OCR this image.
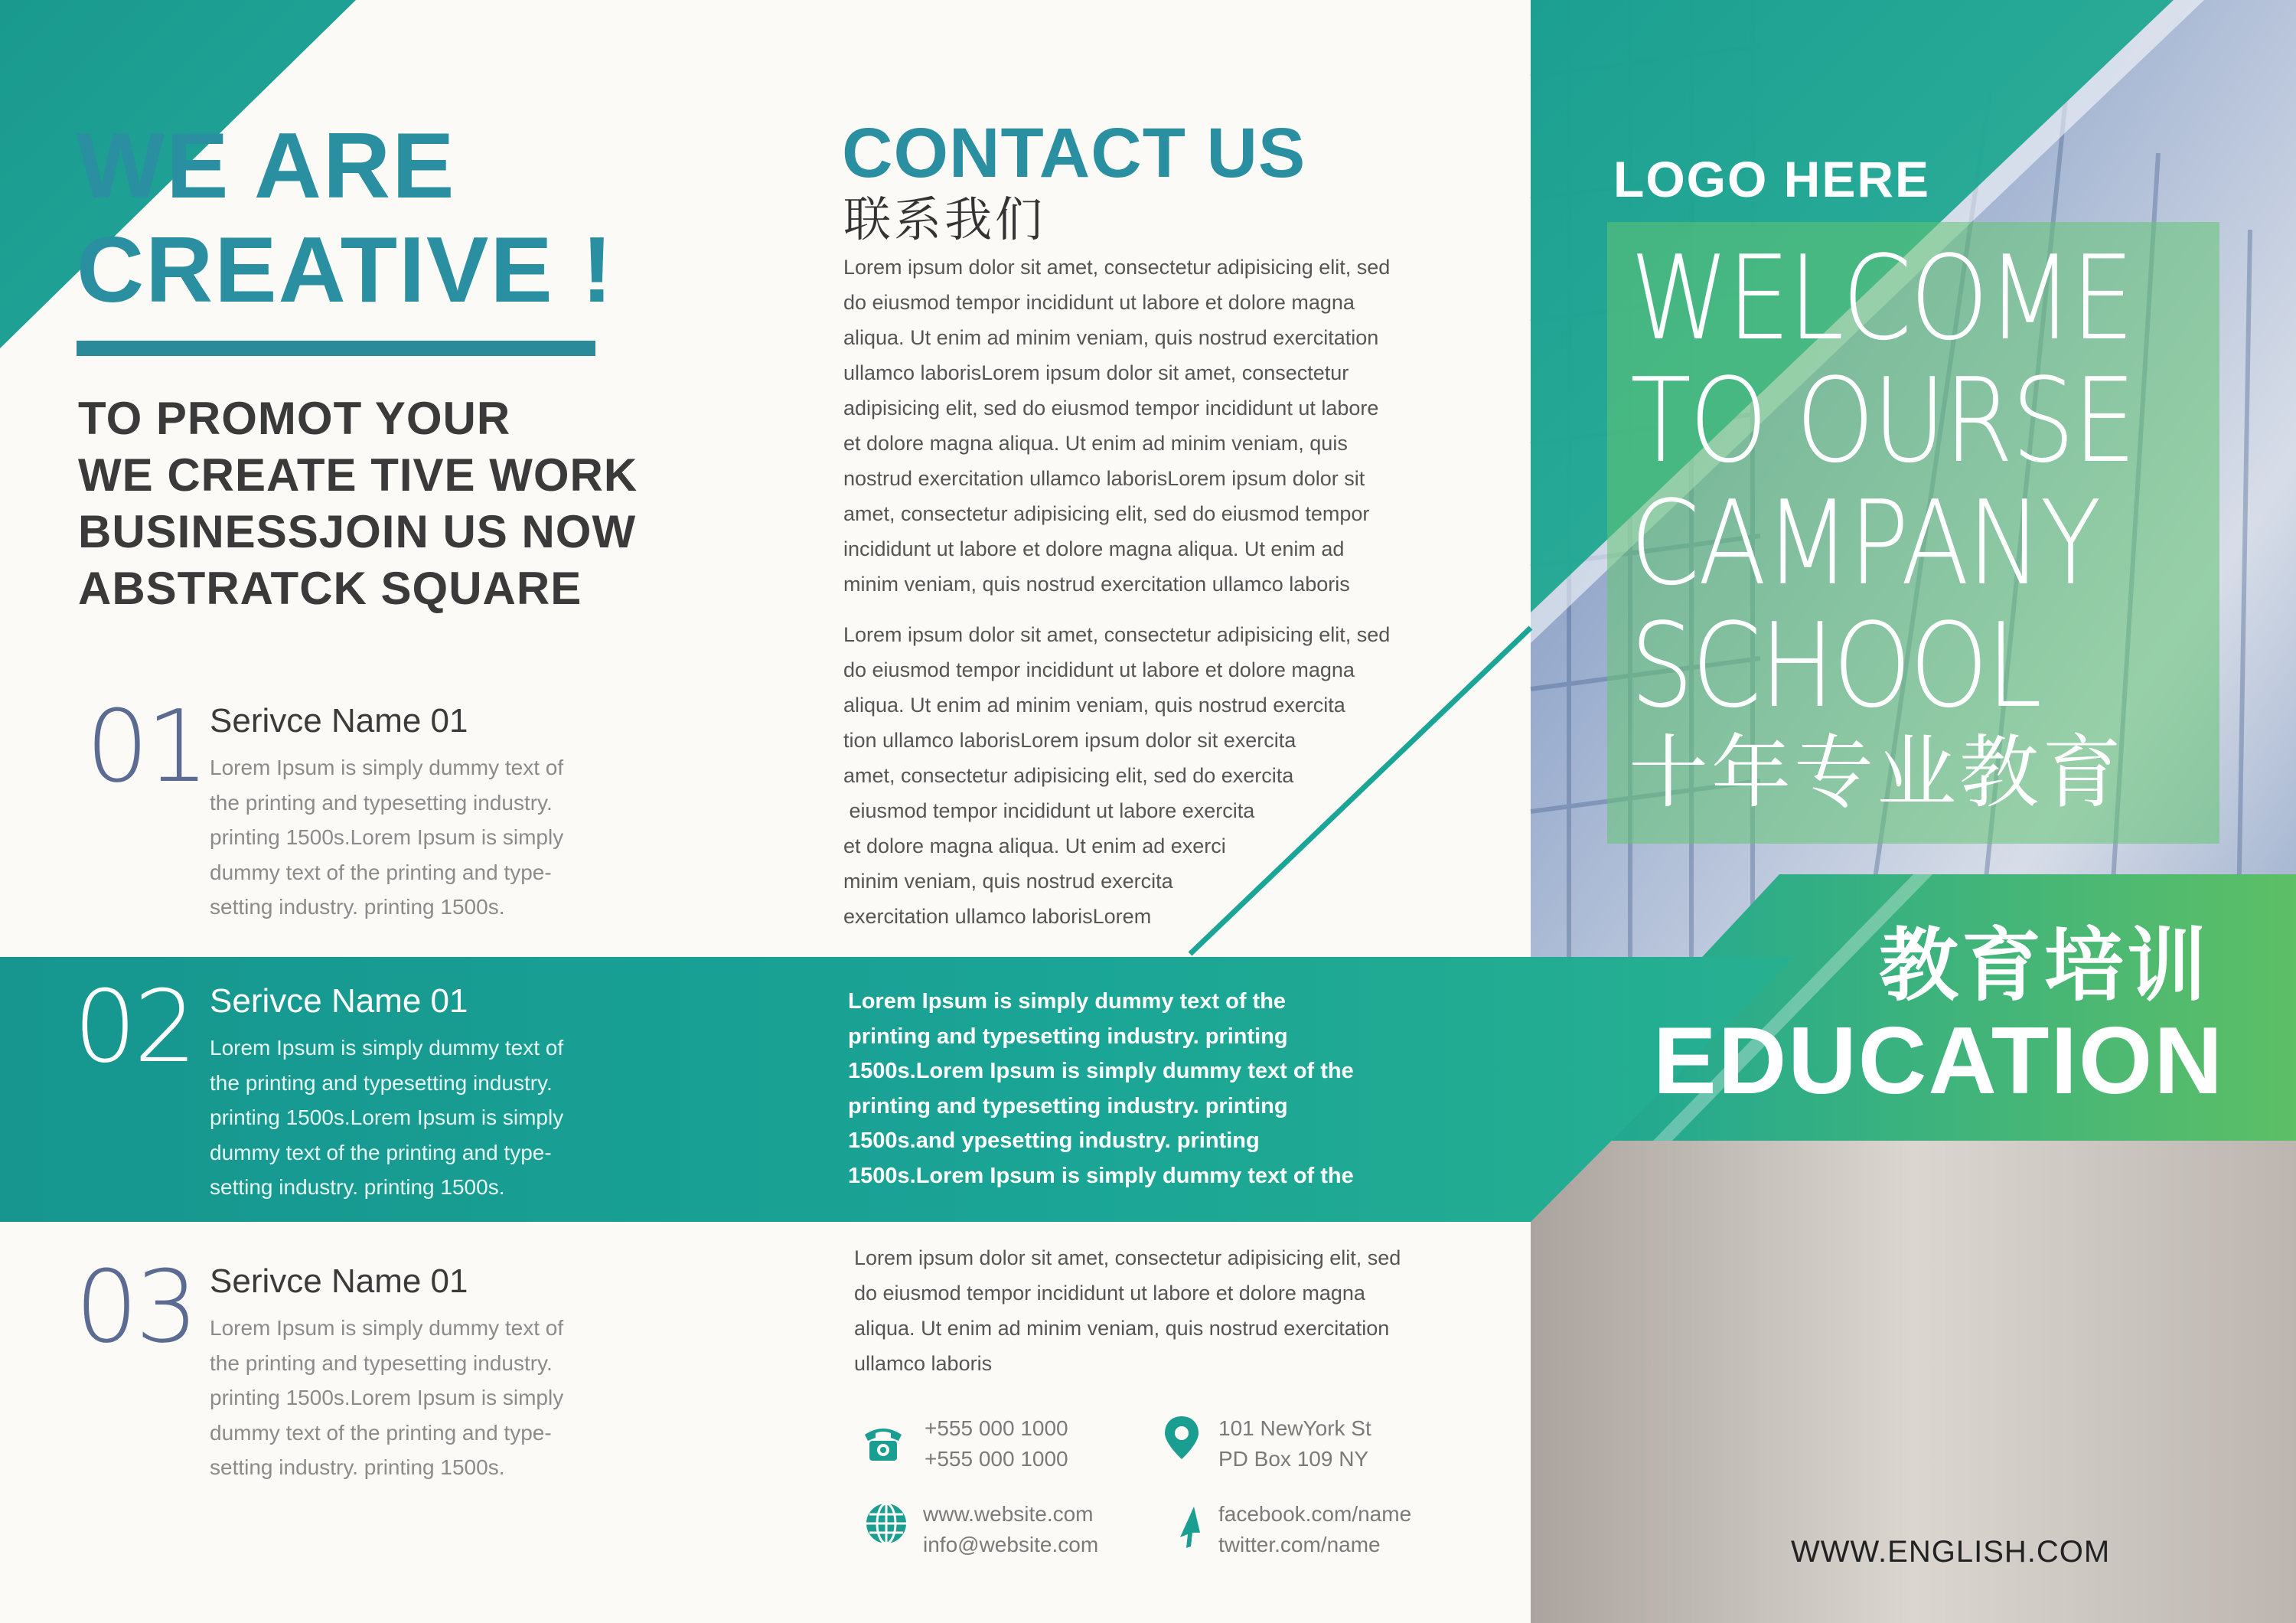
WE ARE
CREATIVE !
TO PROMOT YOUR
WE CREATE TIVE WORK
BUSINESSJOIN US NOW
ABSTRATCK SQUARE
01 Serivce Name 01
Lorem Ipsum is simply dummy text of
the printing and typesetting industry.
printing 1500s.Lorem Ipsum is simply
dummy text of the printing and type-
setting industry. printing 1500s.
02 Serivce Name 01
Lorem Ipsum is simply dummy text of
the printing and typesetting industry.
printing 1500s.Lorem Ipsum is simply
dummy text of the printing and type-
setting industry. printing 1500s.
03 Serivce Name 01
Lorem Ipsum is simply dummy text of
the printing and typesetting industry.
printing 1500s.Lorem Ipsum is simply
dummy text of the printing and type-
setting industry. printing 1500s.
CONTACT US
联系我们
Lorem ipsum dolor sit amet, consectetur adipisicing elit, sed
do eiusmod tempor incididunt ut labore et dolore magna
aliqua. Ut enim ad minim veniam, quis nostrud exercitation
ullamco laborisLorem ipsum dolor sit amet, consectetur
adipisicing elit, sed do eiusmod tempor incididunt ut labore
et dolore magna aliqua. Ut enim ad minim veniam, quis
nostrud exercitation ullamco laborisLorem ipsum dolor sit
amet, consectetur adipisicing elit, sed do eiusmod tempor
incididunt ut labore et dolore magna aliqua. Ut enim ad
minim veniam, quis nostrud exercitation ullamco laboris
Lorem ipsum dolor sit amet, consectetur adipisicing elit, sed
do eiusmod tempor incididunt ut labore et dolore magna
aliqua. Ut enim ad minim veniam, quis nostrud exercita
tion ullamco laborisLorem ipsum dolor sit exercita
amet, consectetur adipisicing elit, sed do exercita
eiusmod tempor incididunt ut labore exercita
et dolore magna aliqua. Ut enim ad exerci
minim veniam, quis nostrud exercita
exercitation ullamco laborisLorem
Lorem Ipsum is simply dummy text of the
printing and typesetting industry. printing
1500s.Lorem Ipsum is simply dummy text of the
printing and typesetting industry. printing
1500s.and ypesetting industry. printing
1500s.Lorem Ipsum is simply dummy text of the
Lorem ipsum dolor sit amet, consectetur adipisicing elit, sed
do eiusmod tempor incididunt ut labore et dolore magna
aliqua. Ut enim ad minim veniam, quis nostrud exercitation
ullamco laboris
+555 000 1000
+555 000 1000
101 NewYork St
PD Box 109 NY
www.website.com
info@website.com
facebook.com/name
twitter.com/name
LOGO HERE
WELCOME
TO OURSE
CAMPANY
SCHOOL
十年专业教育
教育培训
EDUCATION
WWW.ENGLISH.COM
